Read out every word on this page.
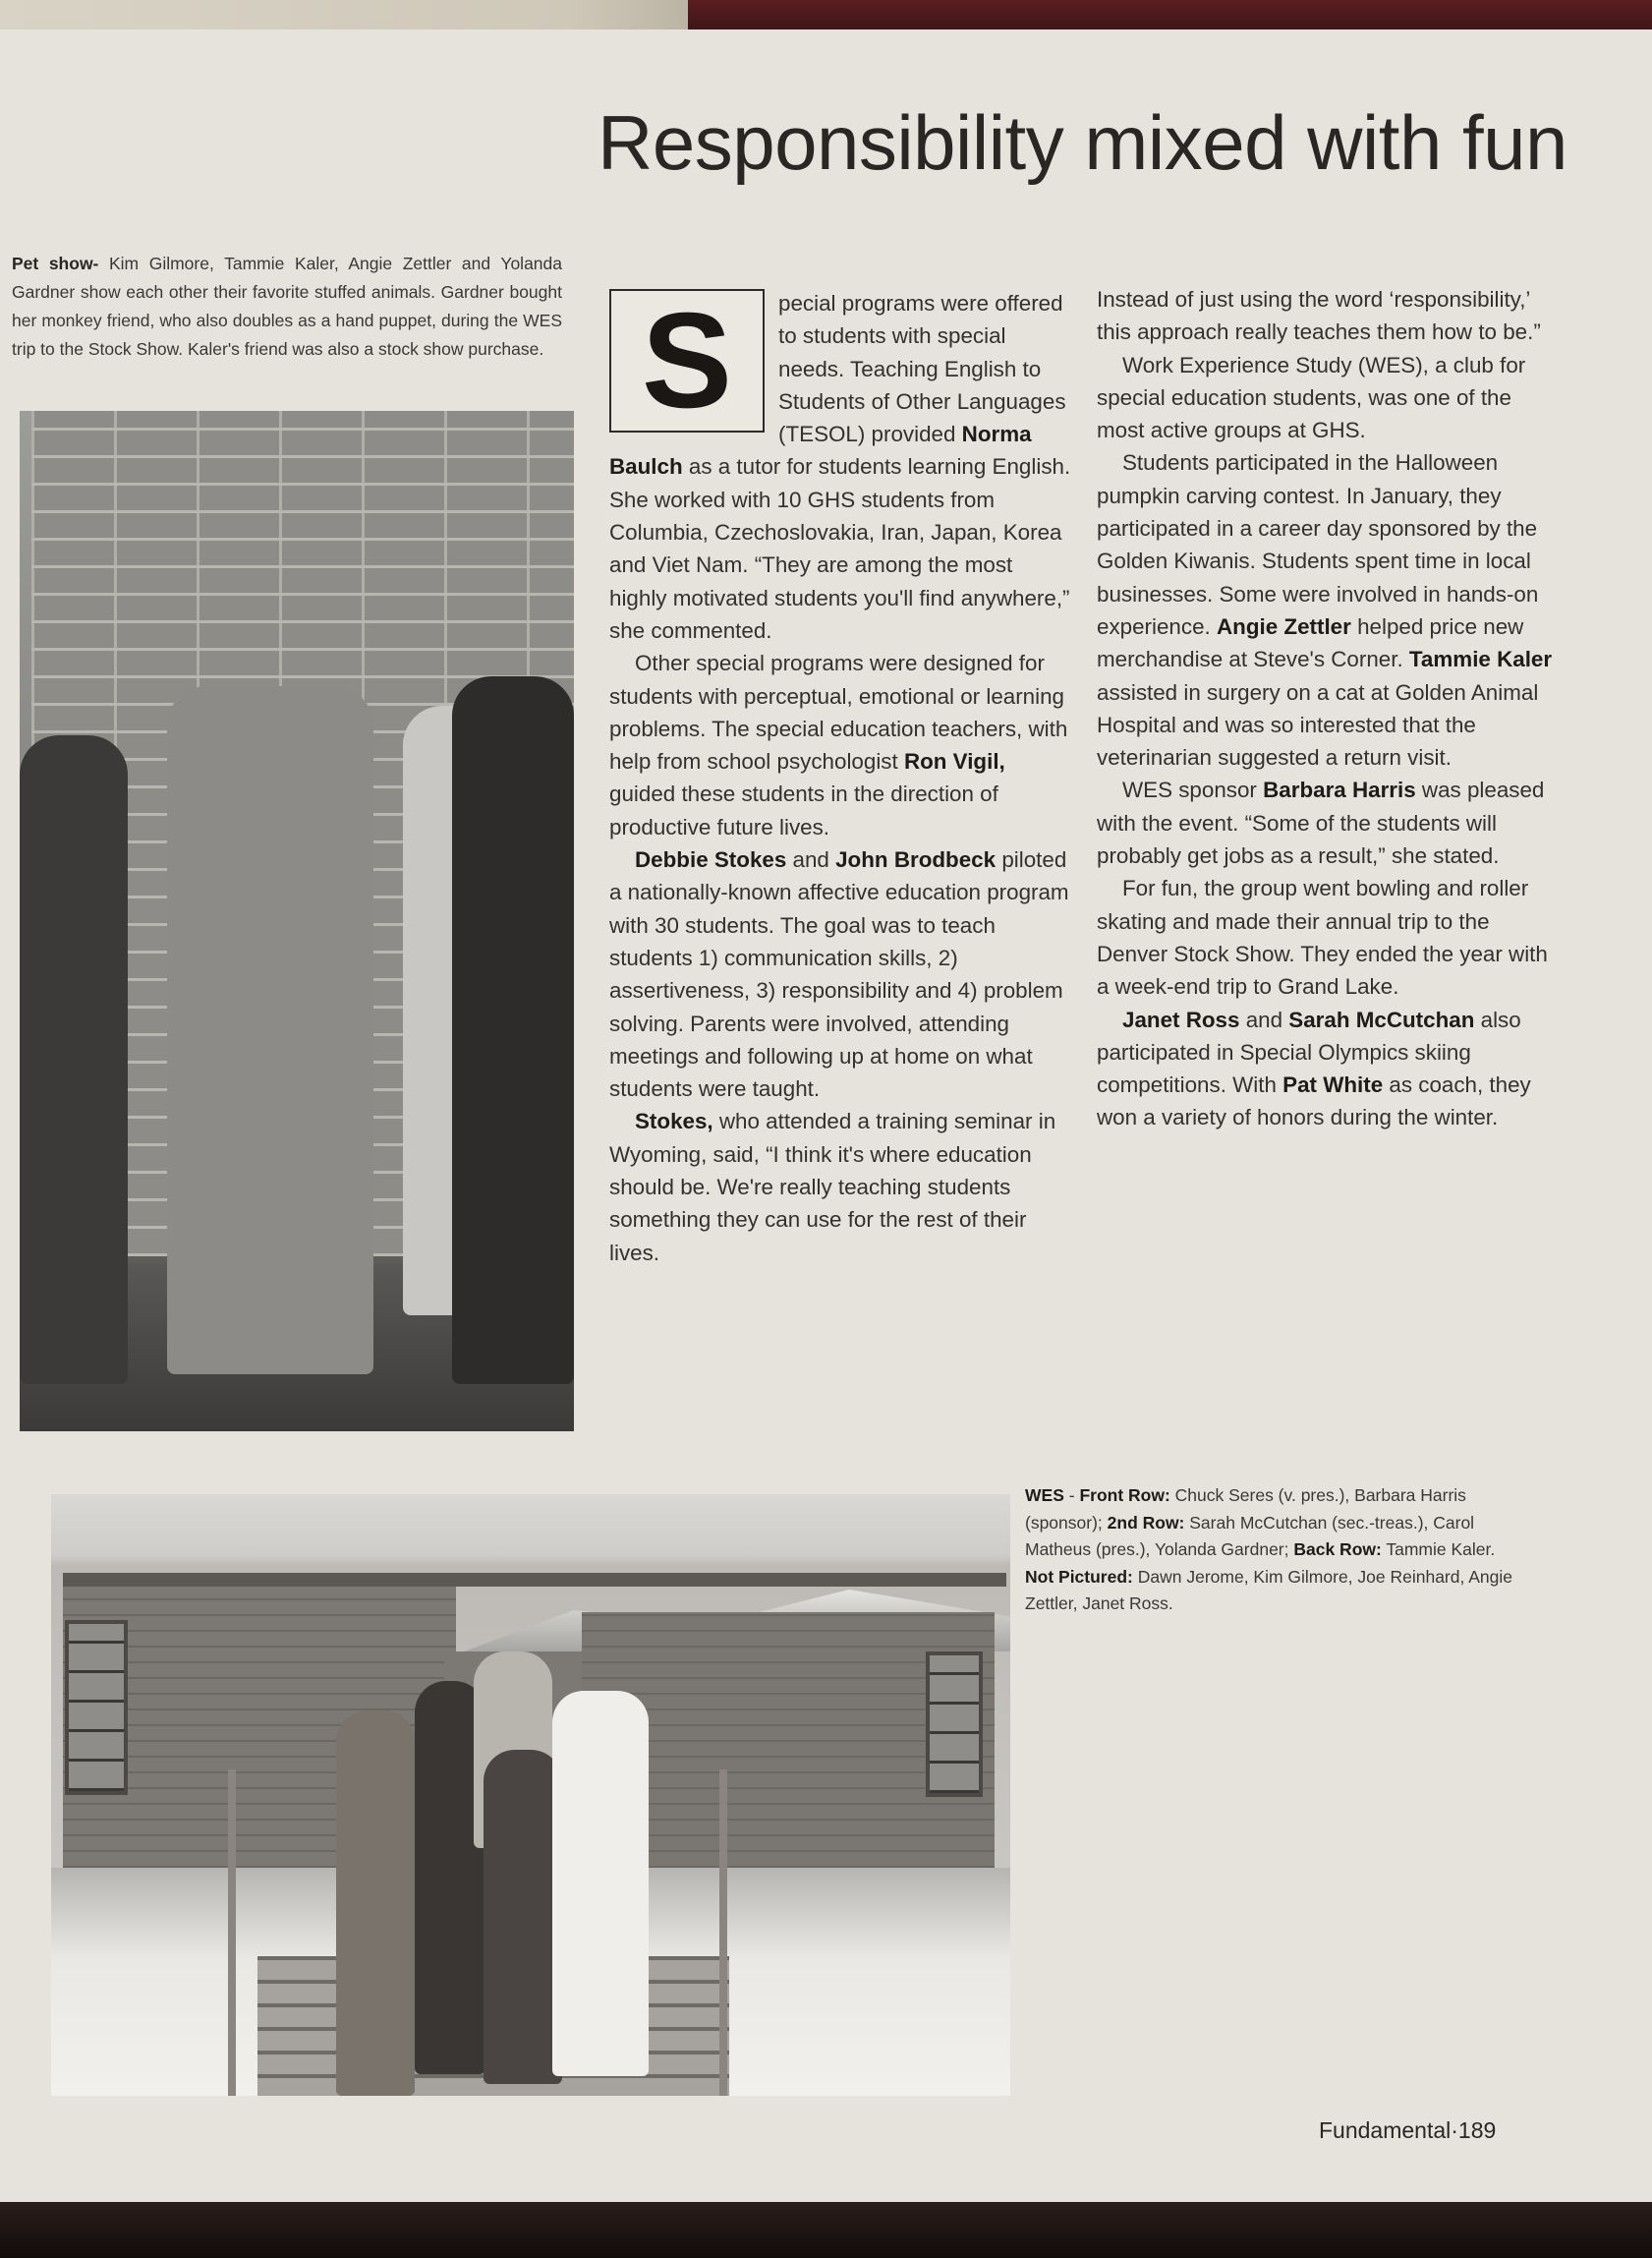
Pet show- Kim Gilmore, Tammie Kaler, Angie Zettler and Yolanda Gardner show each other their favorite stuffed animals. Gardner bought her monkey friend, who also doubles as a hand puppet, during the WES trip to the Stock Show. Kaler's friend was also a stock show purchase.
Responsibility mixed with fun
S	pecial programs were offered to students with special needs. Teaching English to Students of Other Languages (TESOL) provided Norma Baulch as a tutor for students learning English. She worked with 10 GHS students from Columbia, Czechoslovakia, Iran, Japan, Korea and Viet Nam. “They are among the most highly motivated students you'll find anywhere,” she commented.

Other special programs were designed for students with perceptual, emotional or learning problems. The special education teachers, with help from school psychologist Ron Vigil, guided these students in the direction of productive future lives.

Debbie Stokes and John Brodbeck piloted a nationally-known affective education program with 30 students. The goal was to teach students 1) communication skills, 2) assertiveness, 3) responsibility and 4) problem solving. Parents were involved, attending meetings and following up at home on what students were taught.

Stokes, who attended a training seminar in Wyoming, said, “I think it's where education should be. We're really teaching students something they can use for the rest of their lives.

Instead of just using the word ‘responsibility,’ this approach really teaches them how to be.”

Work Experience Study (WES), a club for special education students, was one of the most active groups at GHS.

Students participated in the Halloween pumpkin carving contest. In January, they participated in a career day sponsored by the Golden Kiwanis. Students spent time in local businesses. Some were involved in hands-on experience. Angie Zettler helped price new merchandise at Steve's Corner. Tammie Kaler assisted in surgery on a cat at Golden Animal Hospital and was so interested that the veterinarian suggested a return visit.

WES sponsor Barbara Harris was pleased with the event. “Some of the students will probably get jobs as a result,” she stated.

For fun, the group went bowling and roller skating and made their annual trip to the Denver Stock Show. They ended the year with a week-end trip to Grand Lake.

Janet Ross and Sarah McCutchan also participated in Special Olympics skiing competitions. With Pat White as coach, they won a variety of honors during the winter.

WES - Front Row: Chuck Seres (v. pres.), Barbara Harris (sponsor); 2nd Row: Sarah McCutchan (sec.-treas.), Carol Matheus (pres.), Yolanda Gardner; Back Row: Tammie Kaler. Not Pictured: Dawn Jerome, Kim Gilmore, Joe Reinhard, Angie Zettler, Janet Ross.
Fundamental·189
